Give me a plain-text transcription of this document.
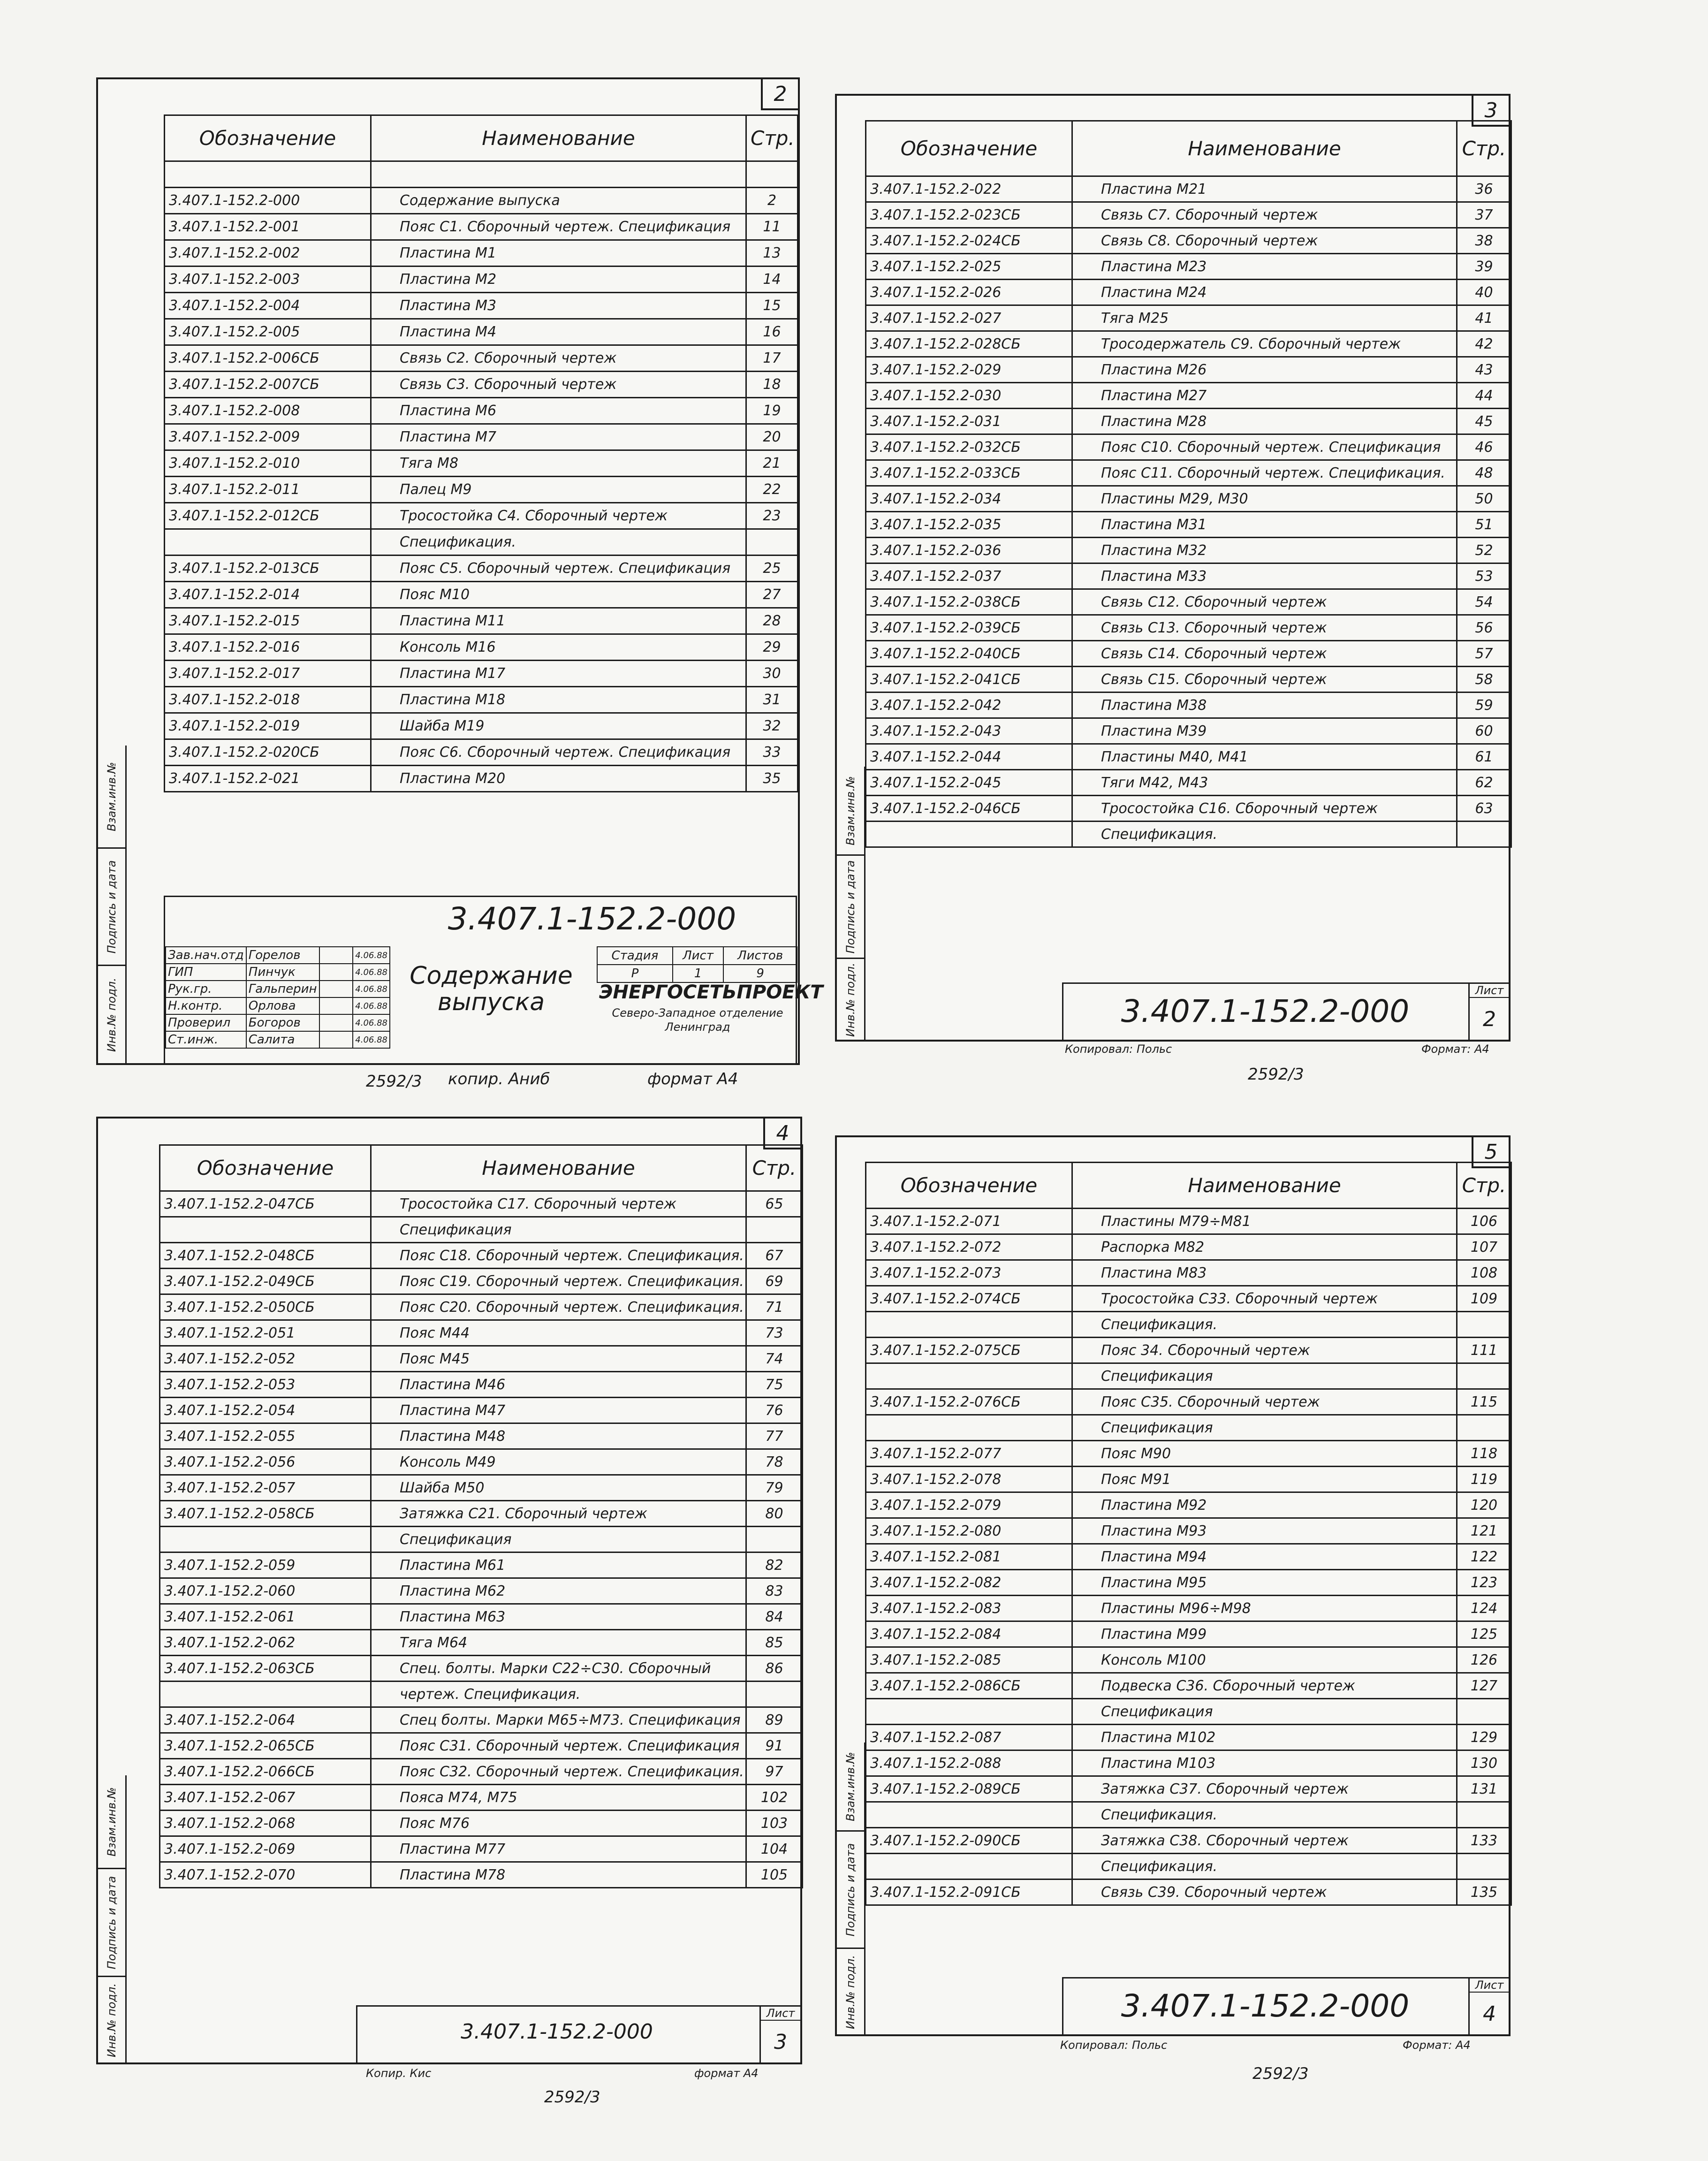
2
Взам.инв.№
Подпись и дата
Инв.№ подл.
Обозначение	Наименование	Стр.

3.407.1-152.2-000	Содержание выпуска	2
3.407.1-152.2-001	Пояс С1. Сборочный чертеж. Спецификация	11
3.407.1-152.2-002	Пластина М1	13
3.407.1-152.2-003	Пластина М2	14
3.407.1-152.2-004	Пластина М3	15
3.407.1-152.2-005	Пластина М4	16
3.407.1-152.2-006СБ	Связь С2. Сборочный чертеж	17
3.407.1-152.2-007СБ	Связь С3. Сборочный чертеж	18
3.407.1-152.2-008	Пластина М6	19
3.407.1-152.2-009	Пластина М7	20
3.407.1-152.2-010	Тяга М8	21
3.407.1-152.2-011	Палец М9	22
3.407.1-152.2-012СБ	Тросостойка С4. Сборочный чертеж	23
	Спецификация.	
3.407.1-152.2-013СБ	Пояс С5. Сборочный чертеж. Спецификация	25
3.407.1-152.2-014	Пояс М10	27
3.407.1-152.2-015	Пластина М11	28
3.407.1-152.2-016	Консоль М16	29
3.407.1-152.2-017	Пластина М17	30
3.407.1-152.2-018	Пластина М18	31
3.407.1-152.2-019	Шайба М19	32
3.407.1-152.2-020СБ	Пояс С6. Сборочный чертеж. Спецификация	33
3.407.1-152.2-021	Пластина М20	35
3.407.1-152.2-000
Зав.нач.отд	Горелов		4.06.88
ГИП	Пинчук		4.06.88
Рук.гр.	Гальперин		4.06.88
Н.контр.	Орлова		4.06.88
Проверил	Богоров		4.06.88
Ст.инж.	Салита		4.06.88
Содержание выпуска
Стадия	Лист	Листов
Р	1	9
ЭНЕРГОСЕТЬПРОЕКТ
Северо-Западное отделение Ленинград
2592/3 копир. Аниб	формат А4
3
Взам.инв.№
Подпись и дата
Инв.№ подл.
Обозначение	Наименование	Стр.
3.407.1-152.2-022	Пластина М21	36
3.407.1-152.2-023СБ	Связь С7. Сборочный чертеж	37
3.407.1-152.2-024СБ	Связь С8. Сборочный чертеж	38
3.407.1-152.2-025	Пластина М23	39
3.407.1-152.2-026	Пластина М24	40
3.407.1-152.2-027	Тяга М25	41
3.407.1-152.2-028СБ	Тросодержатель С9. Сборочный чертеж	42
3.407.1-152.2-029	Пластина М26	43
3.407.1-152.2-030	Пластина М27	44
3.407.1-152.2-031	Пластина М28	45
3.407.1-152.2-032СБ	Пояс С10. Сборочный чертеж. Спецификация	46
3.407.1-152.2-033СБ	Пояс С11. Сборочный чертеж. Спецификация.	48
3.407.1-152.2-034	Пластины М29, М30	50
3.407.1-152.2-035	Пластина М31	51
3.407.1-152.2-036	Пластина М32	52
3.407.1-152.2-037	Пластина М33	53
3.407.1-152.2-038СБ	Связь С12. Сборочный чертеж	54
3.407.1-152.2-039СБ	Связь С13. Сборочный чертеж	56
3.407.1-152.2-040СБ	Связь С14. Сборочный чертеж	57
3.407.1-152.2-041СБ	Связь С15. Сборочный чертеж	58
3.407.1-152.2-042	Пластина М38	59
3.407.1-152.2-043	Пластина М39	60
3.407.1-152.2-044	Пластины М40, М41	61
3.407.1-152.2-045	Тяги М42, М43	62
3.407.1-152.2-046СБ	Тросостойка С16. Сборочный чертеж	63
	Спецификация.	
3.407.1-152.2-000
Лист
2
Копировал: Польс	Формат: А4
2592/3
4
Взам.инв.№
Подпись и дата
Инв.№ подл.
Обозначение	Наименование	Стр.
3.407.1-152.2-047СБ	Тросостойка С17. Сборочный чертеж	65
	Спецификация	
3.407.1-152.2-048СБ	Пояс С18. Сборочный чертеж. Спецификация.	67
3.407.1-152.2-049СБ	Пояс С19. Сборочный чертеж. Спецификация.	69
3.407.1-152.2-050СБ	Пояс С20. Сборочный чертеж. Спецификация.	71
3.407.1-152.2-051	Пояс М44	73
3.407.1-152.2-052	Пояс М45	74
3.407.1-152.2-053	Пластина М46	75
3.407.1-152.2-054	Пластина М47	76
3.407.1-152.2-055	Пластина М48	77
3.407.1-152.2-056	Консоль М49	78
3.407.1-152.2-057	Шайба М50	79
3.407.1-152.2-058СБ	Затяжка С21. Сборочный чертеж	80
	Спецификация	
3.407.1-152.2-059	Пластина М61	82
3.407.1-152.2-060	Пластина М62	83
3.407.1-152.2-061	Пластина М63	84
3.407.1-152.2-062	Тяга М64	85
3.407.1-152.2-063СБ	Спец. болты. Марки С22÷С30. Сборочный	86
	чертеж. Спецификация.	
3.407.1-152.2-064	Спец болты. Марки М65÷М73. Спецификация	89
3.407.1-152.2-065СБ	Пояс С31. Сборочный чертеж. Спецификация	91
3.407.1-152.2-066СБ	Пояс С32. Сборочный чертеж. Спецификация.	97
3.407.1-152.2-067	Пояса М74, М75	102
3.407.1-152.2-068	Пояс М76	103
3.407.1-152.2-069	Пластина М77	104
3.407.1-152.2-070	Пластина М78	105
3.407.1-152.2-000
Лист
3
Копир. Кис	формат А4
2592/3
5
Взам.инв.№
Подпись и дата
Инв.№ подл.
Обозначение	Наименование	Стр.
3.407.1-152.2-071	Пластины М79÷М81	106
3.407.1-152.2-072	Распорка М82	107
3.407.1-152.2-073	Пластина М83	108
3.407.1-152.2-074СБ	Тросостойка С33. Сборочный чертеж	109
	Спецификация.	
3.407.1-152.2-075СБ	Пояс 34. Сборочный чертеж	111
	Спецификация	
3.407.1-152.2-076СБ	Пояс С35. Сборочный чертеж	115
	Спецификация	
3.407.1-152.2-077	Пояс М90	118
3.407.1-152.2-078	Пояс М91	119
3.407.1-152.2-079	Пластина М92	120
3.407.1-152.2-080	Пластина М93	121
3.407.1-152.2-081	Пластина М94	122
3.407.1-152.2-082	Пластина М95	123
3.407.1-152.2-083	Пластины М96÷М98	124
3.407.1-152.2-084	Пластина М99	125
3.407.1-152.2-085	Консоль М100	126
3.407.1-152.2-086СБ	Подвеска С36. Сборочный чертеж	127
	Спецификация	
3.407.1-152.2-087	Пластина М102	129
3.407.1-152.2-088	Пластина М103	130
3.407.1-152.2-089СБ	Затяжка С37. Сборочный чертеж	131
	Спецификация.	
3.407.1-152.2-090СБ	Затяжка С38. Сборочный чертеж	133
	Спецификация.	
3.407.1-152.2-091СБ	Связь С39. Сборочный чертеж	135
3.407.1-152.2-000
Лист
4
Копировал: Польс	Формат: А4
2592/3
